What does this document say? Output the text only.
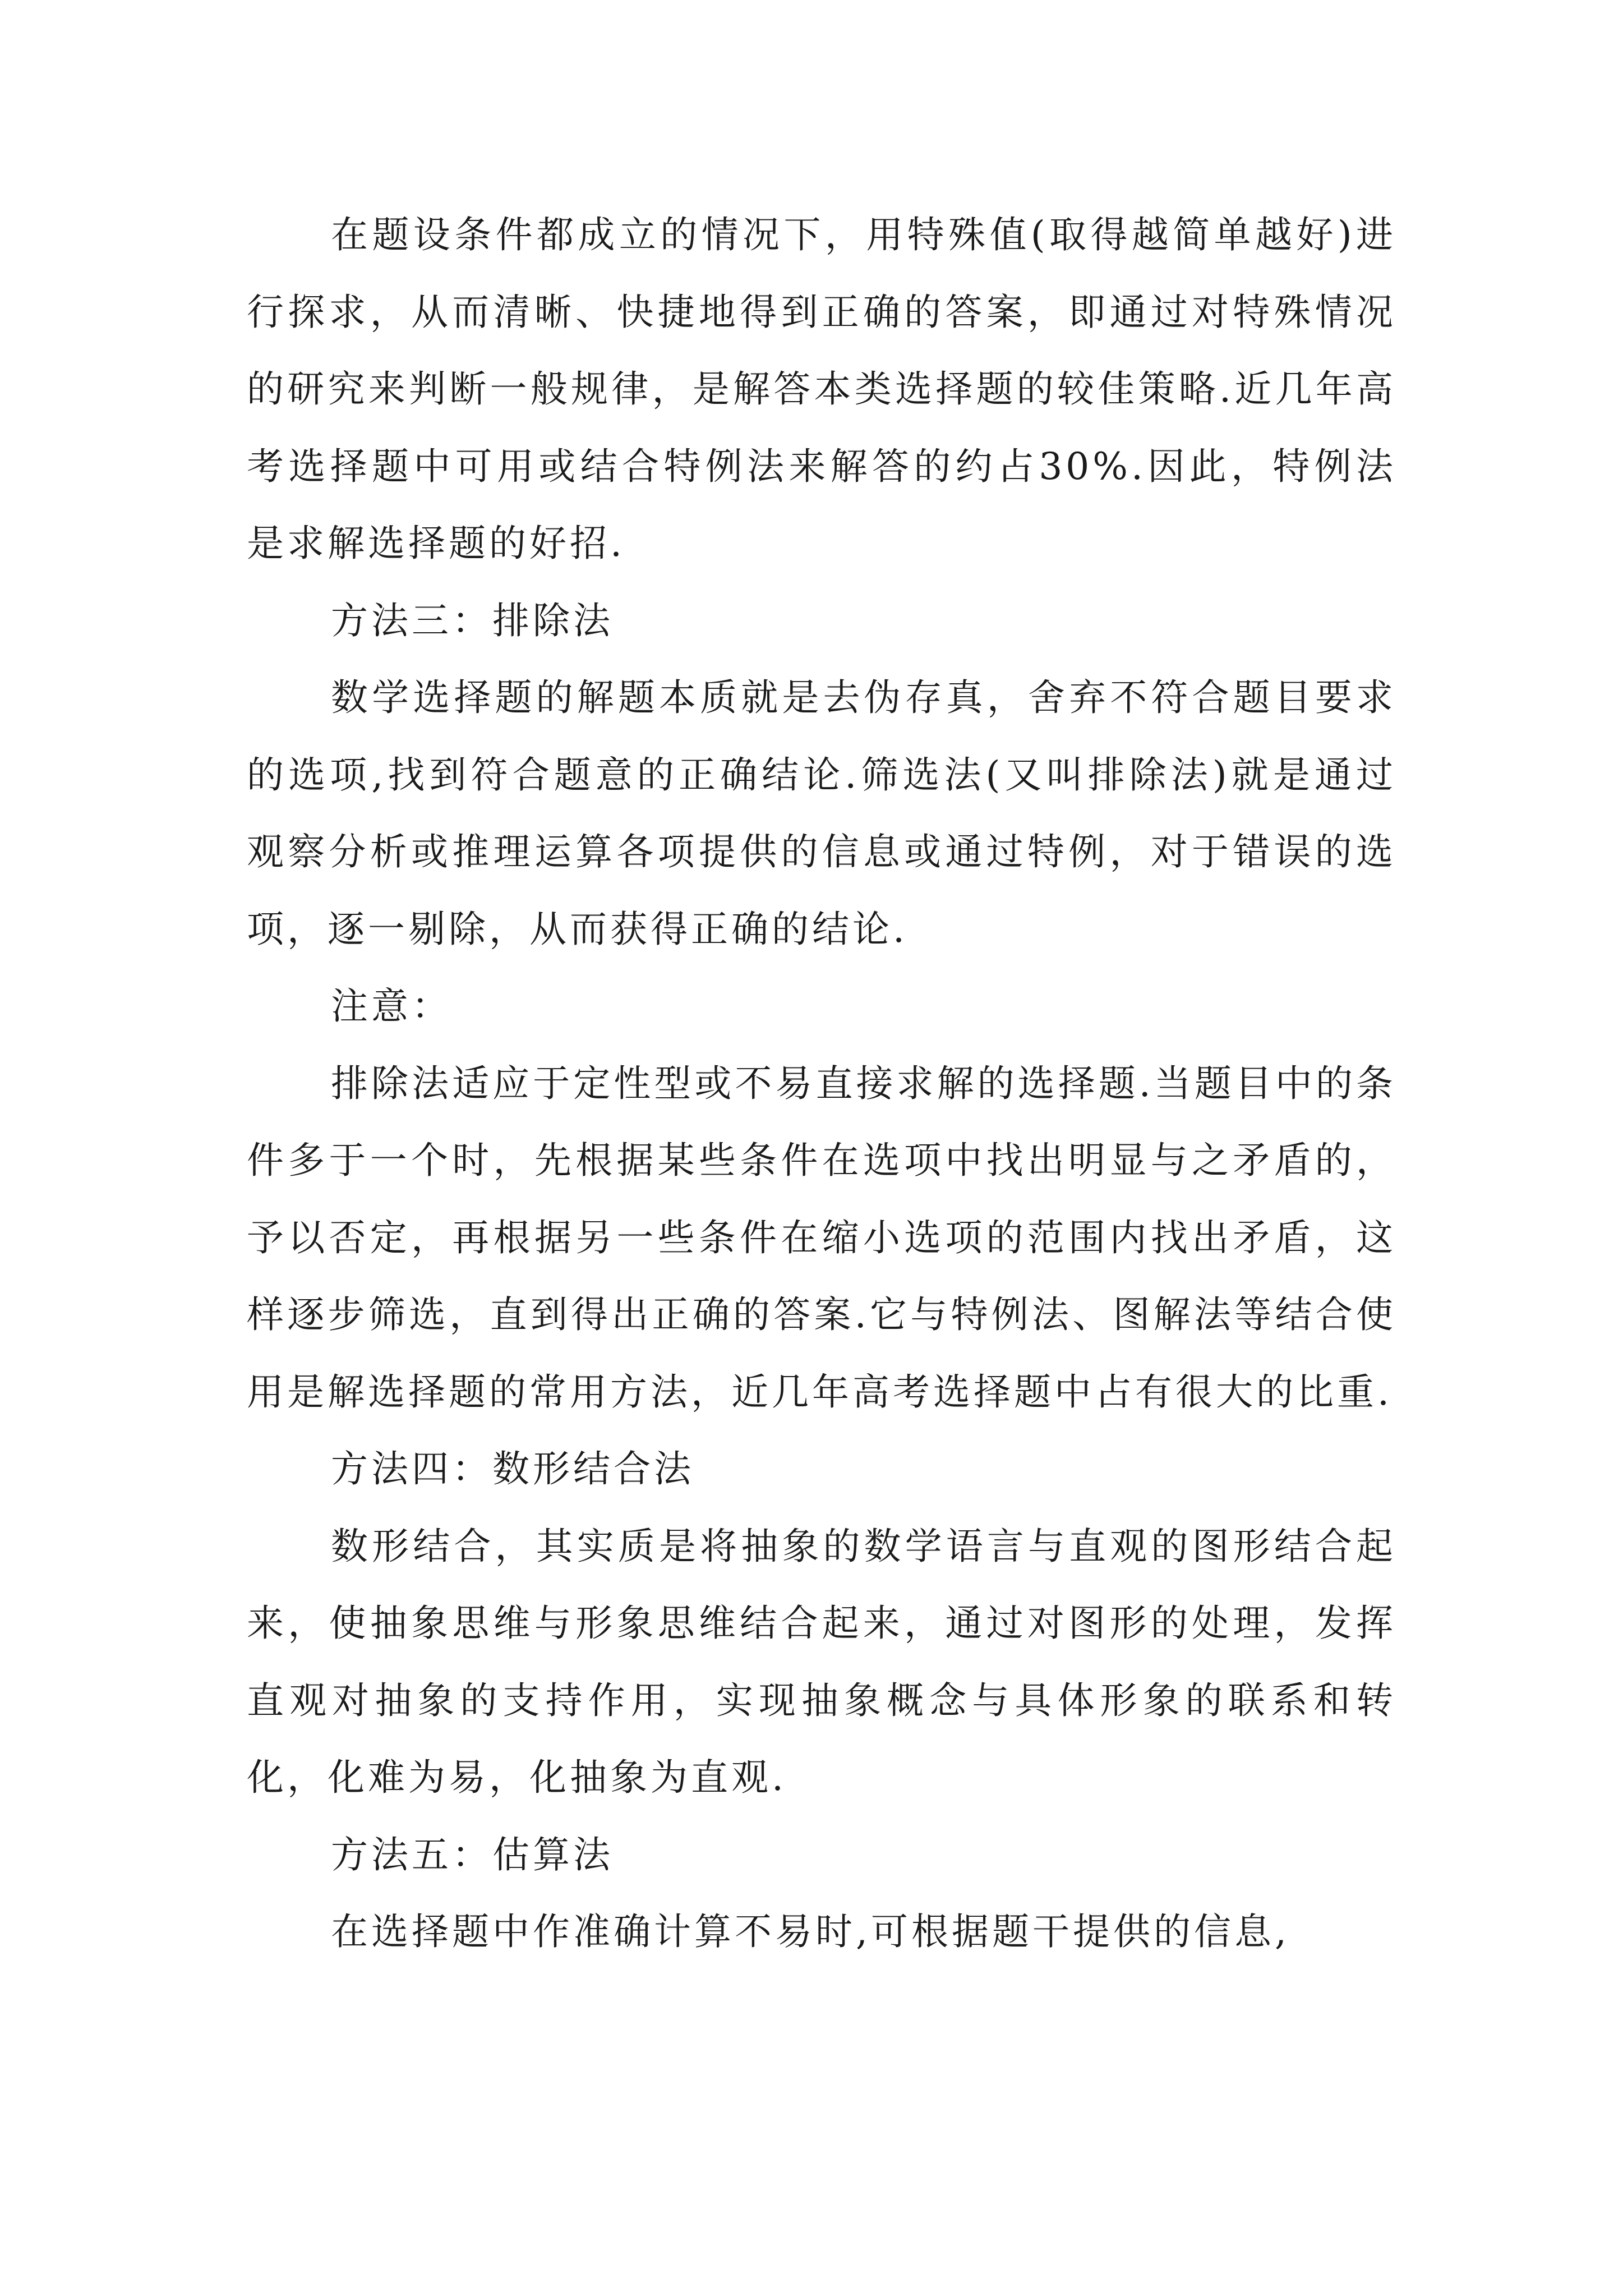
在题设条件都成立的情况下，用特殊值(取得越简单越好)进行探求，从而清晰、快捷地得到正确的答案，即通过对特殊情况的研究来判断一般规律，是解答本类选择题的较佳策略.近几年高考选择题中可用或结合特例法来解答的约占30%.因此，特例法是求解选择题的好招.

方法三：排除法

数学选择题的解题本质就是去伪存真，舍弃不符合题目要求的选项,找到符合题意的正确结论.筛选法(又叫排除法)就是通过观察分析或推理运算各项提供的信息或通过特例，对于错误的选项，逐一剔除，从而获得正确的结论.

注意：

排除法适应于定性型或不易直接求解的选择题.当题目中的条件多于一个时，先根据某些条件在选项中找出明显与之矛盾的，予以否定，再根据另一些条件在缩小选项的范围内找出矛盾，这样逐步筛选，直到得出正确的答案.它与特例法、图解法等结合使用是解选择题的常用方法，近几年高考选择题中占有很大的比重.

方法四：数形结合法

数形结合，其实质是将抽象的数学语言与直观的图形结合起来，使抽象思维与形象思维结合起来，通过对图形的处理，发挥直观对抽象的支持作用，实现抽象概念与具体形象的联系和转化，化难为易，化抽象为直观.

方法五：估算法

在选择题中作准确计算不易时,可根据题干提供的信息,
